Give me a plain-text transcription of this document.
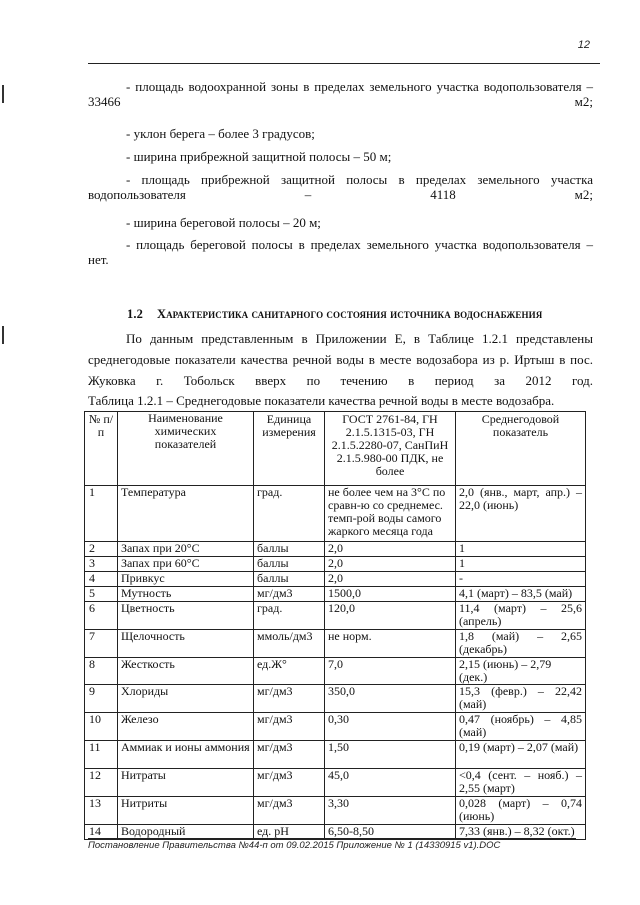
12

- площадь водоохранной зоны в пределах земельного участка водопользователя – 33466 м2;

- уклон берега – более 3 градусов;

- ширина прибрежной защитной полосы – 50 м;

- площадь прибрежной защитной полосы в пределах земельного участка водопользователя – 4118 м2;

- ширина береговой полосы – 20 м;

- площадь береговой полосы в пределах земельного участка водопользователя – нет.

1.2 Характеристика санитарного состояния источника водоснабжения

По данным представленным в Приложении Е, в Таблице 1.2.1 представлены среднегодовые показатели качества речной воды в месте водозабора из р. Иртыш в пос. Жуковка г. Тобольск вверх по течению в период за 2012 год.

Таблица 1.2.1 – Среднегодовые показатели качества речной воды в месте водозабра.
№ п/п	Наименование химических показателей	Единица измерения	ГОСТ 2761-84, ГН 2.1.5.1315-03, ГН 2.1.5.2280-07, СанПиН 2.1.5.980-00 ПДК, не более	Среднегодовой показатель
1	Температура	град.	не более чем на 3°С по сравн-ю со среднемес. темп-рой воды самого жаркого месяца года	2,0 (янв., март, апр.) – 22,0 (июнь)
2	Запах при 20°С	баллы	2,0	1
3	Запах при 60°С	баллы	2,0	1
4	Привкус	баллы	2,0	-
5	Мутность	мг/дм3	1500,0	4,1 (март) – 83,5 (май)
6	Цветность	град.	120,0	11,4 (март) – 25,6 (апрель)
7	Щелочность	ммоль/дм3	не норм.	1,8 (май) – 2,65 (декабрь)
8	Жесткость	ед.Ж°	7,0	2,15 (июнь) – 2,79 (дек.)
9	Хлориды	мг/дм3	350,0	15,3 (февр.) – 22,42 (май)
10	Железо	мг/дм3	0,30	0,47 (ноябрь) – 4,85 (май)
11	Аммиак и ионы аммония	мг/дм3	1,50	0,19 (март) – 2,07 (май)
12	Нитраты	мг/дм3	45,0	<0,4 (сент. – нояб.) – 2,55 (март)
13	Нитриты	мг/дм3	3,30	0,028 (март) – 0,74 (июнь)
14	Водородный	ед. pH	6,50-8,50	7,33 (янв.) – 8,32 (окт.)
Постановление Правительства №44-п от 09.02.2015 Приложение № 1 (14330915 v1).DOC
